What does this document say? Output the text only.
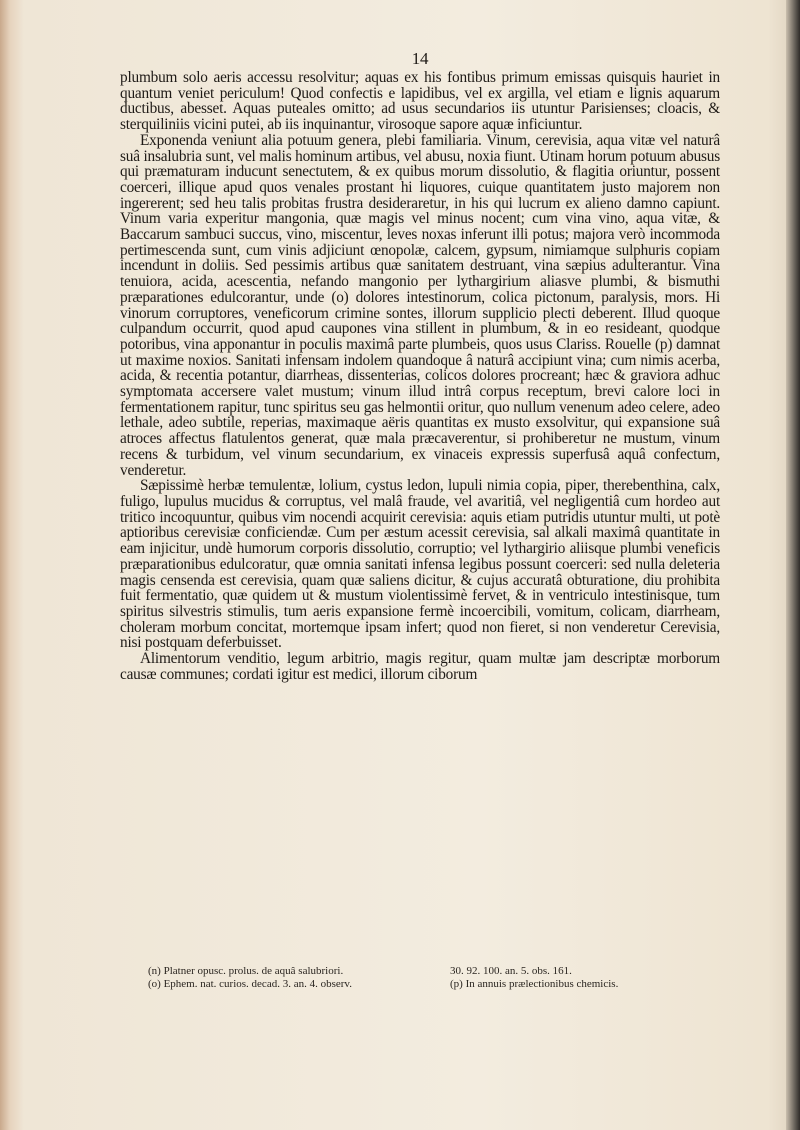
14

plumbum solo aeris accessu resolvitur; aquas ex his fontibus primum emissas quisquis hauriet in quantum veniet periculum! Quod confectis e lapidibus, vel ex argilla, vel etiam e lignis aquarum ductibus, abesset. Aquas puteales omitto; ad usus secundarios iis utuntur Parisienses; cloacis, & sterquiliniis vicini putei, ab iis inquinantur, virosoque sapore aquæ inficiuntur.

Exponenda veniunt alia potuum genera, plebi familiaria. Vinum, cerevisia, aqua vitæ vel naturâ suâ insalubria sunt, vel malis hominum artibus, vel abusu, noxia fiunt. Utinam horum potuum abusus qui præmaturam inducunt senectutem, & ex quibus morum dissolutio, & flagitia oriuntur, possent coerceri, illique apud quos venales prostant hi liquores, cuique quantitatem justo majorem non ingererent; sed heu talis probitas frustra desideraretur, in his qui lucrum ex alieno damno capiunt. Vinum varia experitur mangonia, quæ magis vel minus nocent; cum vina vino, aqua vitæ, & Baccarum sambuci succus, vino, miscentur, leves noxas inferunt illi potus; majora verò incommoda pertimescenda sunt, cum vinis adjiciunt œnopolæ, calcem, gypsum, nimiamque sulphuris copiam incendunt in doliis. Sed pessimis artibus quæ sanitatem destruant, vina sæpius adulterantur. Vina tenuiora, acida, acescentia, nefando mangonio per lythargirium aliasve plumbi, & bismuthi præparationes edulcorantur, unde (o) dolores intestinorum, colica pictonum, paralysis, mors. Hi vinorum corruptores, veneficorum crimine sontes, illorum supplicio plecti deberent. Illud quoque culpandum occurrit, quod apud caupones vina stillent in plumbum, & in eo resideant, quodque potoribus, vina apponantur in poculis maximâ parte plumbeis, quos usus Clariss. Rouelle (p) damnat ut maxime noxios. Sanitati infensam indolem quandoque â naturâ accipiunt vina; cum nimis acerba, acida, & recentia potantur, diarrheas, dissenterias, colicos dolores procreant; hæc & graviora adhuc symptomata accersere valet mustum; vinum illud intrâ corpus receptum, brevi calore loci in fermentationem rapitur, tunc spiritus seu gas helmontii oritur, quo nullum venenum adeo celere, adeo lethale, adeo subtile, reperias, maximaque aëris quantitas ex musto exsolvitur, qui expansione suâ atroces affectus flatulentos generat, quæ mala præcaverentur, si prohiberetur ne mustum, vinum recens & turbidum, vel vinum secundarium, ex vinaceis expressis superfusâ aquâ confectum, venderetur.

Sæpissimè herbæ temulentæ, lolium, cystus ledon, lupuli nimia copia, piper, therebenthina, calx, fuligo, lupulus mucidus & corruptus, vel malâ fraude, vel avaritiâ, vel negligentiâ cum hordeo aut tritico incoquuntur, quibus vim nocendi acquirit cerevisia: aquis etiam putridis utuntur multi, ut potè aptioribus cerevisiæ conficiendæ. Cum per æstum acessit cerevisia, sal alkali maximâ quantitate in eam injicitur, undè humorum corporis dissolutio, corruptio; vel lythargirio aliisque plumbi veneficis præparationibus edulcoratur, quæ omnia sanitati infensa legibus possunt coerceri: sed nulla deleteria magis censenda est cerevisia, quam quæ saliens dicitur, & cujus accuratâ obturatione, diu prohibita fuit fermentatio, quæ quidem ut & mustum violentissimè fervet, & in ventriculo intestinisque, tum spiritus silvestris stimulis, tum aeris expansione fermè incoercibili, vomitum, colicam, diarrheam, choleram morbum concitat, mortemque ipsam infert; quod non fieret, si non venderetur Cerevisia, nisi postquam deferbuisset.

Alimentorum venditio, legum arbitrio, magis regitur, quam multæ jam descriptæ morborum causæ communes; cordati igitur est medici, illorum ciborum

(n) Platner opusc. prolus. de aquâ salubriori.
(o) Ephem. nat. curios. decad. 3. an. 4. observ.
30. 92. 100. an. 5. obs. 161.
(p) In annuis prælectionibus chemicis.
